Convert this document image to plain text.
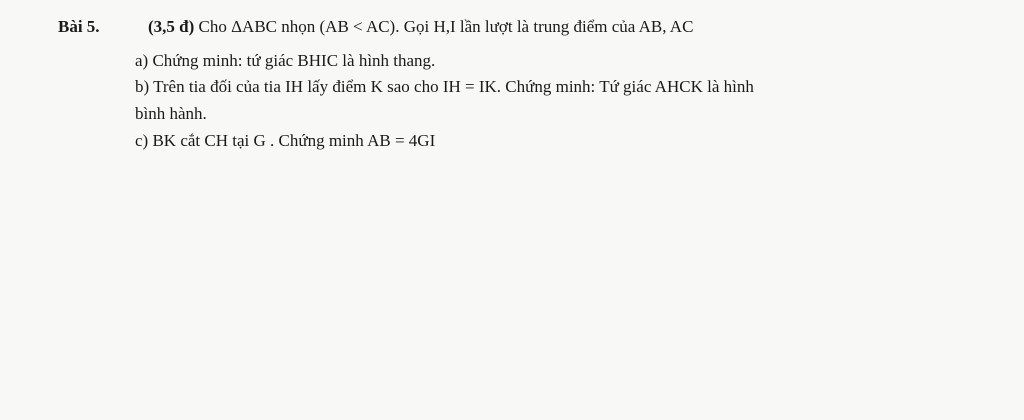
Bài 5.	(3,5 đ) Cho ΔABC nhọn (AB < AC). Gọi H,I lần lượt là trung điểm của AB, AC
a) Chứng minh: tứ giác BHIC là hình thang.
b) Trên tia đối của tia IH lấy điểm K sao cho IH = IK. Chứng minh: Tứ giác AHCK là hình
bình hành.
c) BK cắt CH tại G . Chứng minh AB = 4GI
